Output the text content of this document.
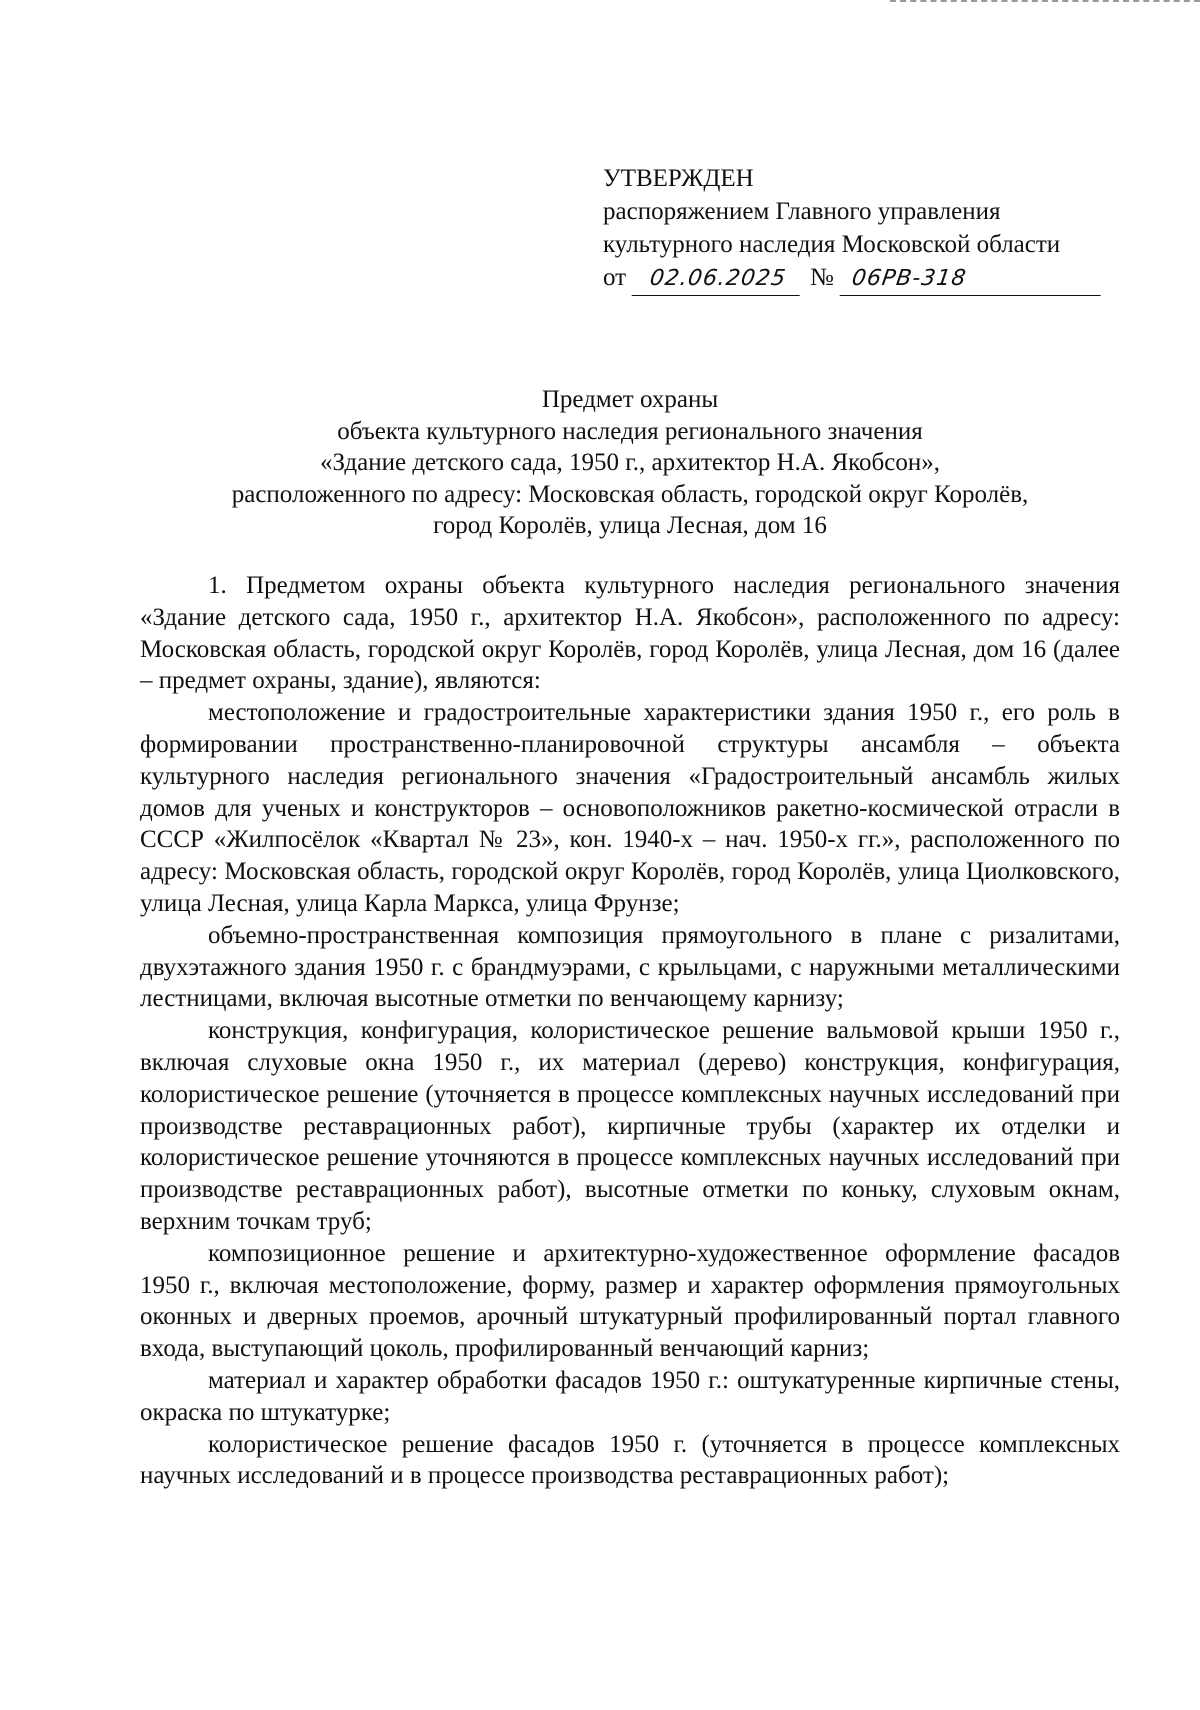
УТВЕРЖДЕН
распоряжением Главного управления
культурного наследия Московской области
от	02.06.2025 № 06РВ-318
Предмет охраны
объекта культурного наследия регионального значения
«Здание детского сада, 1950 г., архитектор Н.А. Якобсон»,
расположенного по адресу: Московская область, городской округ Королёв,
город Королёв, улица Лесная, дом 16

1. Предметом охраны объекта культурного наследия регионального значения «Здание детского сада, 1950 г., архитектор Н.А. Якобсон», расположенного по адресу: Московская область, городской округ Королёв, город Королёв, улица Лесная, дом 16 (далее – предмет охраны, здание), являются:

местоположение и градостроительные характеристики здания 1950 г., его роль в формировании пространственно-планировочной структуры ансамбля – объекта культурного наследия регионального значения «Градостроительный ансамбль жилых домов для ученых и конструкторов – основоположников ракетно-космической отрасли в СССР «Жилпосёлок «Квартал № 23», кон. 1940-х – нач. 1950-х гг.», расположенного по адресу: Московская область, городской округ Королёв, город Королёв, улица Циолковского, улица Лесная, улица Карла Маркса, улица Фрунзе;

объемно-пространственная композиция прямоугольного в плане с ризалитами, двухэтажного здания 1950 г. с брандмуэрами, с крыльцами, с наружными металлическими лестницами, включая высотные отметки по венчающему карнизу;

конструкция, конфигурация, колористическое решение вальмовой крыши 1950 г., включая слуховые окна 1950 г., их материал (дерево) конструкция, конфигурация, колористическое решение (уточняется в процессе комплексных научных исследований при производстве реставрационных работ), кирпичные трубы (характер их отделки и колористическое решение уточняются в процессе комплексных научных исследований при производстве реставрационных работ), высотные отметки по коньку, слуховым окнам, верхним точкам труб;

композиционное решение и архитектурно-художественное оформление фасадов 1950 г., включая местоположение, форму, размер и характер оформления прямоугольных оконных и дверных проемов, арочный штукатурный профилированный портал главного входа, выступающий цоколь, профилированный венчающий карниз;

материал и характер обработки фасадов 1950 г.: оштукатуренные кирпичные стены, окраска по штукатурке;

колористическое решение фасадов 1950 г. (уточняется в процессе комплексных научных исследований и в процессе производства реставрационных работ);
